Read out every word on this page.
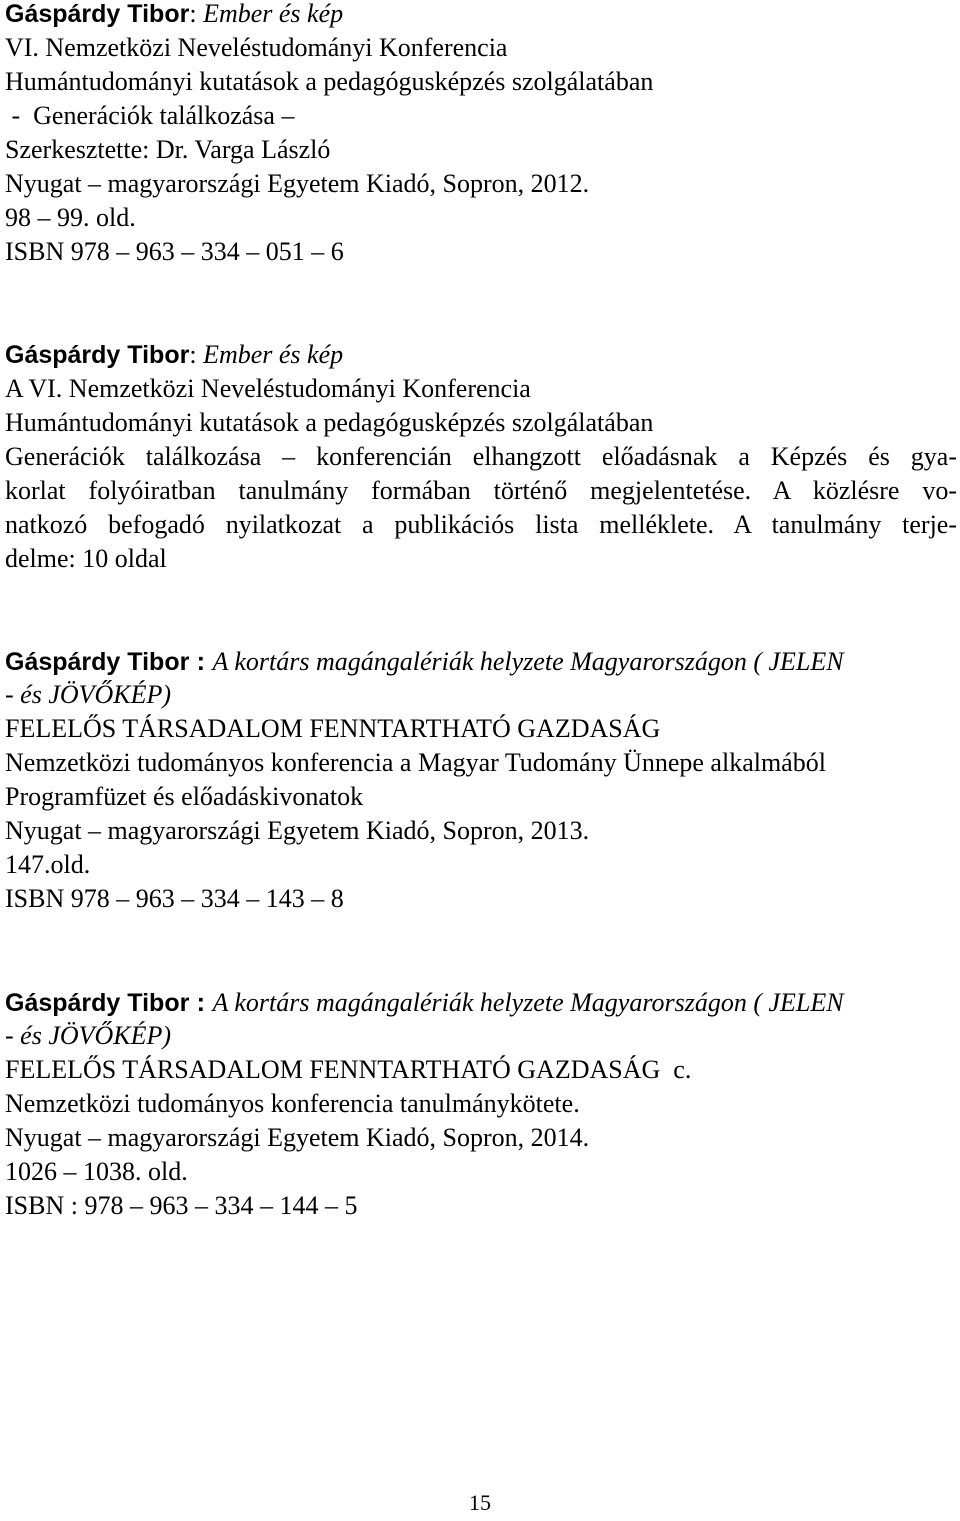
Gáspárdy Tibor: Ember és kép
VI. Nemzetközi Neveléstudományi Konferencia
Humántudományi kutatások a pedagógusképzés szolgálatában
-  Generációk találkozása –
Szerkesztette: Dr. Varga László
Nyugat – magyarországi Egyetem Kiadó, Sopron, 2012.
98 – 99. old.
ISBN 978 – 963 – 334 – 051 – 6
Gáspárdy Tibor: Ember és kép
A VI. Nemzetközi Neveléstudományi Konferencia
Humántudományi kutatások a pedagógusképzés szolgálatában
Generációk találkozása – konferencián elhangzott előadásnak a Képzés és gya-
korlat folyóiratban tanulmány formában történő megjelentetése. A közlésre vo-
natkozó befogadó nyilatkozat a publikációs lista melléklete. A tanulmány terje-
delme: 10 oldal
Gáspárdy Tibor : A kortárs magángalériák helyzete Magyarországon ( JELEN
- és JÖVŐKÉP)
FELELŐS TÁRSADALOM FENNTARTHATÓ GAZDASÁG
Nemzetközi tudományos konferencia a Magyar Tudomány Ünnepe alkalmából
Programfüzet és előadáskivonatok
Nyugat – magyarországi Egyetem Kiadó, Sopron, 2013.
147.old.
ISBN 978 – 963 – 334 – 143 – 8
Gáspárdy Tibor : A kortárs magángalériák helyzete Magyarországon ( JELEN
- és JÖVŐKÉP)
FELELŐS TÁRSADALOM FENNTARTHATÓ GAZDASÁG  c.
Nemzetközi tudományos konferencia tanulmánykötete.
Nyugat – magyarországi Egyetem Kiadó, Sopron, 2014.
1026 – 1038. old.
ISBN : 978 – 963 – 334 – 144 – 5
15
